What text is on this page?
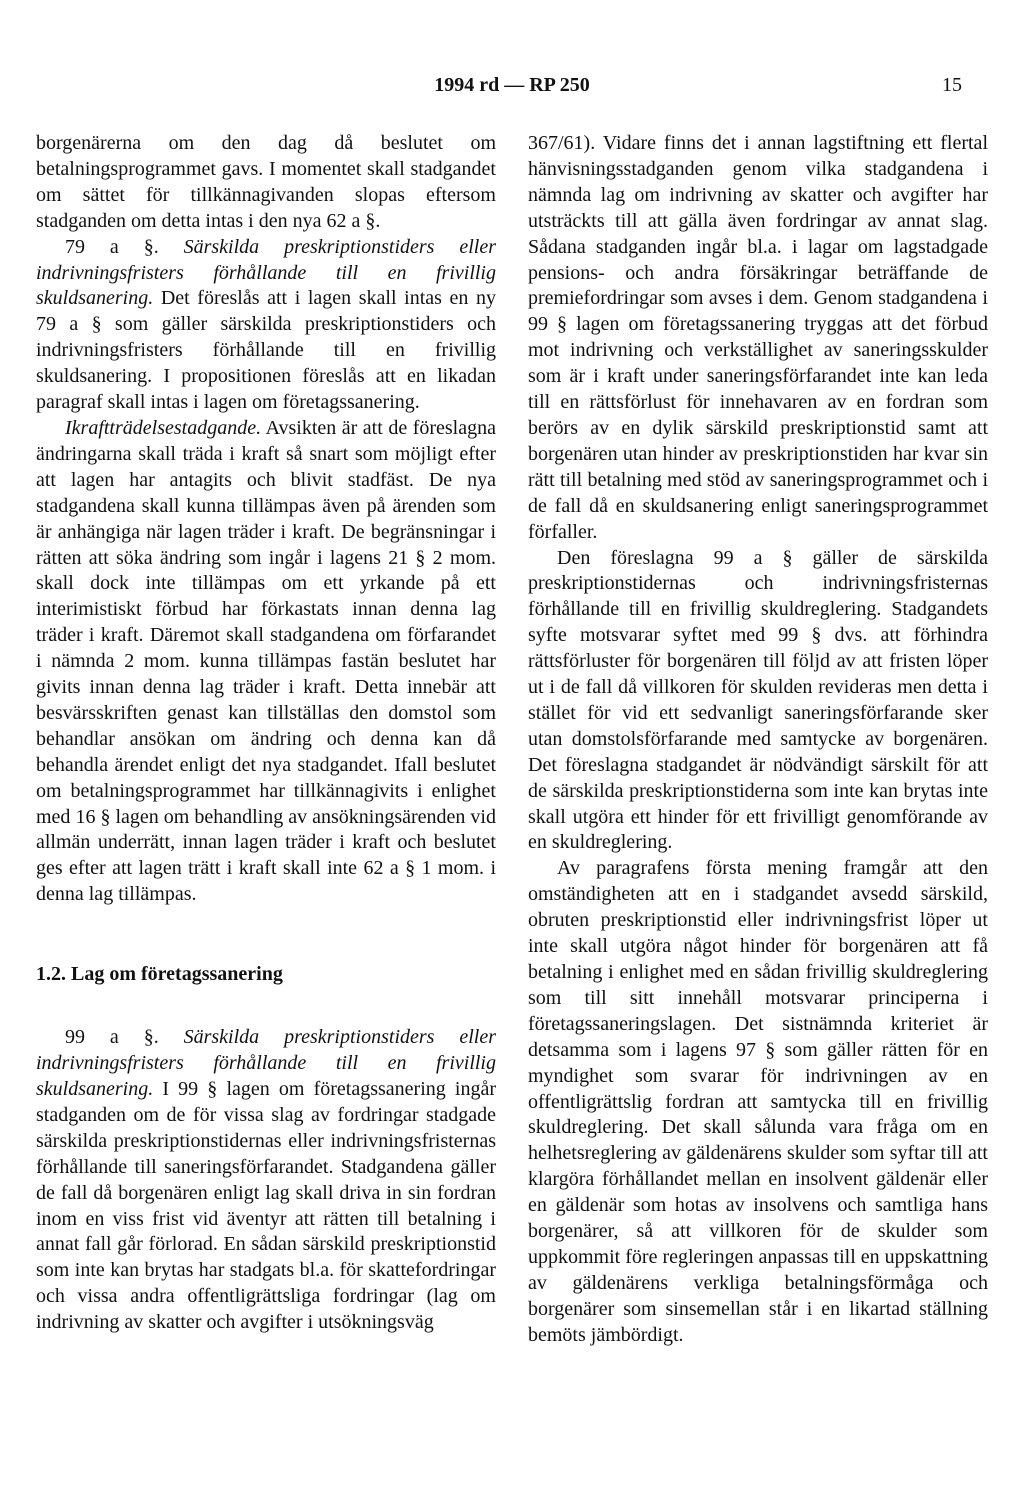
1994 rd — RP 250	15

borgenärerna om den dag då beslutet om betalningsprogrammet gavs. I momentet skall stadgandet om sättet för tillkännagivanden slopas eftersom stadganden om detta intas i den nya 62 a §.

79 a §. Särskilda preskriptionstiders eller indrivningsfristers förhållande till en frivillig skuldsanering. Det föreslås att i lagen skall intas en ny 79 a § som gäller särskilda preskriptionstiders och indrivningsfristers förhållande till en frivillig skuldsanering. I propositionen föreslås att en likadan paragraf skall intas i lagen om företagssanering.

Ikraftträdelsestadgande. Avsikten är att de föreslagna ändringarna skall träda i kraft så snart som möjligt efter att lagen har antagits och blivit stadfäst. De nya stadgandena skall kunna tillämpas även på ärenden som är anhängiga när lagen träder i kraft. De begränsningar i rätten att söka ändring som ingår i lagens 21 § 2 mom. skall dock inte tillämpas om ett yrkande på ett interimistiskt förbud har förkastats innan denna lag träder i kraft. Däremot skall stadgandena om förfarandet i nämnda 2 mom. kunna tillämpas fastän beslutet har givits innan denna lag träder i kraft. Detta innebär att besvärsskriften genast kan tillställas den domstol som behandlar ansökan om ändring och denna kan då behandla ärendet enligt det nya stadgandet. Ifall beslutet om betalningsprogrammet har tillkännagivits i enlighet med 16 § lagen om behandling av ansökningsärenden vid allmän underrätt, innan lagen träder i kraft och beslutet ges efter att lagen trätt i kraft skall inte 62 a § 1 mom. i denna lag tillämpas.

1.2. Lag om företagssanering

99 a §. Särskilda preskriptionstiders eller indrivningsfristers förhållande till en frivillig skuldsanering. I 99 § lagen om företagssanering ingår stadganden om de för vissa slag av fordringar stadgade särskilda preskriptionstidernas eller indrivningsfristernas förhållande till saneringsförfarandet. Stadgandena gäller de fall då borgenären enligt lag skall driva in sin fordran inom en viss frist vid äventyr att rätten till betalning i annat fall går förlorad. En sådan särskild preskriptionstid som inte kan brytas har stadgats bl.a. för skattefordringar och vissa andra offentligrättsliga fordringar (lag om indrivning av skatter och avgifter i utsökningsväg

367/61). Vidare finns det i annan lagstiftning ett flertal hänvisningsstadganden genom vilka stadgandena i nämnda lag om indrivning av skatter och avgifter har utsträckts till att gälla även fordringar av annat slag. Sådana stadganden ingår bl.a. i lagar om lagstadgade pensions- och andra försäkringar beträffande de premiefordringar som avses i dem. Genom stadgandena i 99 § lagen om företagssanering tryggas att det förbud mot indrivning och verkställighet av saneringsskulder som är i kraft under saneringsförfarandet inte kan leda till en rättsförlust för innehavaren av en fordran som berörs av en dylik särskild preskriptionstid samt att borgenären utan hinder av preskriptionstiden har kvar sin rätt till betalning med stöd av saneringsprogrammet och i de fall då en skuldsanering enligt saneringsprogrammet förfaller.

Den föreslagna 99 a § gäller de särskilda preskriptionstidernas och indrivningsfristernas förhållande till en frivillig skuldreglering. Stadgandets syfte motsvarar syftet med 99 § dvs. att förhindra rättsförluster för borgenären till följd av att fristen löper ut i de fall då villkoren för skulden revideras men detta i stället för vid ett sedvanligt saneringsförfarande sker utan domstolsförfarande med samtycke av borgenären. Det föreslagna stadgandet är nödvändigt särskilt för att de särskilda preskriptionstiderna som inte kan brytas inte skall utgöra ett hinder för ett frivilligt genomförande av en skuldreglering.

Av paragrafens första mening framgår att den omständigheten att en i stadgandet avsedd särskild, obruten preskriptionstid eller indrivningsfrist löper ut inte skall utgöra något hinder för borgenären att få betalning i enlighet med en sådan frivillig skuldreglering som till sitt innehåll motsvarar principerna i företagssaneringslagen. Det sistnämnda kriteriet är detsamma som i lagens 97 § som gäller rätten för en myndighet som svarar för indrivningen av en offentligrättslig fordran att samtycka till en frivillig skuldreglering. Det skall sålunda vara fråga om en helhetsreglering av gäldenärens skulder som syftar till att klargöra förhållandet mellan en insolvent gäldenär eller en gäldenär som hotas av insolvens och samtliga hans borgenärer, så att villkoren för de skulder som uppkommit före regleringen anpassas till en uppskattning av gäldenärens verkliga betalningsförmåga och borgenärer som sinsemellan står i en likartad ställning bemöts jämbördigt.
